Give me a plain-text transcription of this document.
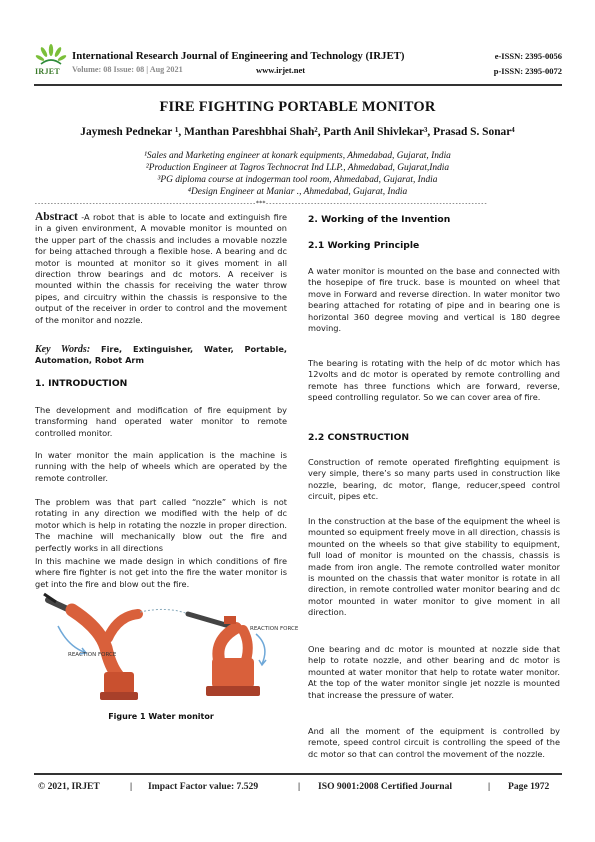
IRJET
International Research Journal of Engineering and Technology (IRJET)
Volume: 08 Issue: 08 | Aug 2021	www.irjet.net
e-ISSN: 2395-0056
p-ISSN: 2395-0072
FIRE FIGHTING PORTABLE MONITOR
Jaymesh Pednekar ¹, Manthan Pareshbhai Shah², Parth Anil Shivlekar³, Prasad S. Sonar⁴
¹Sales and Marketing engineer at konark equipments, Ahmedabad, Gujarat, India
²Production Engineer at Tagros Technocrat Ind LLP., Ahmedabad, Gujarat,India
³PG diploma course at indogerman tool room, Ahmedabad, Gujarat, India
⁴Design Engineer at Maniar ., Ahmedabad, Gujarat, India
---------------------------------------------------------------------***---------------------------------------------------------------------
Abstract -A robot that is able to locate and extinguish fire in a given environment, A movable monitor is mounted on the upper part of the chassis and includes a movable nozzle for being attached through a flexible hose. A bearing and dc motor is mounted at monitor so it gives moment in all direction throw bearings and dc motors. A receiver is mounted within the chassis for receiving the water throw pipes, and circuitry within the chassis is responsive to the output of the receiver in order to control and the movement of the monitor and nozzle.
Key Words: Fire, Extinguisher, Water, Portable, Automation, Robot Arm
1. INTRODUCTION
The development and modification of fire equipment by transforming hand operated water monitor to remote controlled monitor.
In water monitor the main application is the machine is running with the help of wheels which are operated by the remote controller.
The problem was that part called “nozzle” which is not rotating in any direction we modified with the help of dc motor which is help in rotating the nozzle in proper direction. The machine will mechanically blow out the fire and perfectly works in all directions
In this machine we made design in which conditions of fire where fire fighter is not get into the fire the water monitor is get into the fire and blow out the fire.
REACTION FORCE
REACTION FORCE
Figure 1 Water monitor
2. Working of the Invention
2.1 Working Principle
A water monitor is mounted on the base and connected with the hosepipe of fire truck. base is mounted on wheel that move in Forward and reverse direction. In water monitor two bearing attached for rotating of pipe and in bearing one is horizontal 360 degree moving and vertical is 180 degree moving.
The bearing is rotating with the help of dc motor which has 12volts and dc motor is operated by remote controlling and remote has three functions which are forward, reverse, speed controlling regulator. So we can cover area of fire.
2.2 CONSTRUCTION
Construction of remote operated firefighting equipment is very simple, there’s so many parts used in construction like nozzle, bearing, dc motor, flange, reducer,speed control circuit, pipes etc.
In the construction at the base of the equipment the wheel is mounted so equipment freely move in all direction, chassis is mounted on the wheels so that give stability to equipment, full load of monitor is mounted on the chassis, chassis is made from iron angle. The remote controlled water monitor is mounted on the chassis that water monitor is rotate in all direction, in remote controlled water monitor bearing and dc motor mounted in water monitor to give moment in all direction.
One bearing and dc motor is mounted at nozzle side that help to rotate nozzle, and other bearing and dc motor is mounted at water monitor that help to rotate water monitor. At the top of the water monitor single jet nozzle is mounted that increase the pressure of water.
And all the moment of the equipment is controlled by remote, speed control circuit is controlling the speed of the dc motor so that can control the movement of the nozzle.
© 2021, IRJET	| Impact Factor value: 7.529	| ISO 9001:2008 Certified Journal	| Page 1972
